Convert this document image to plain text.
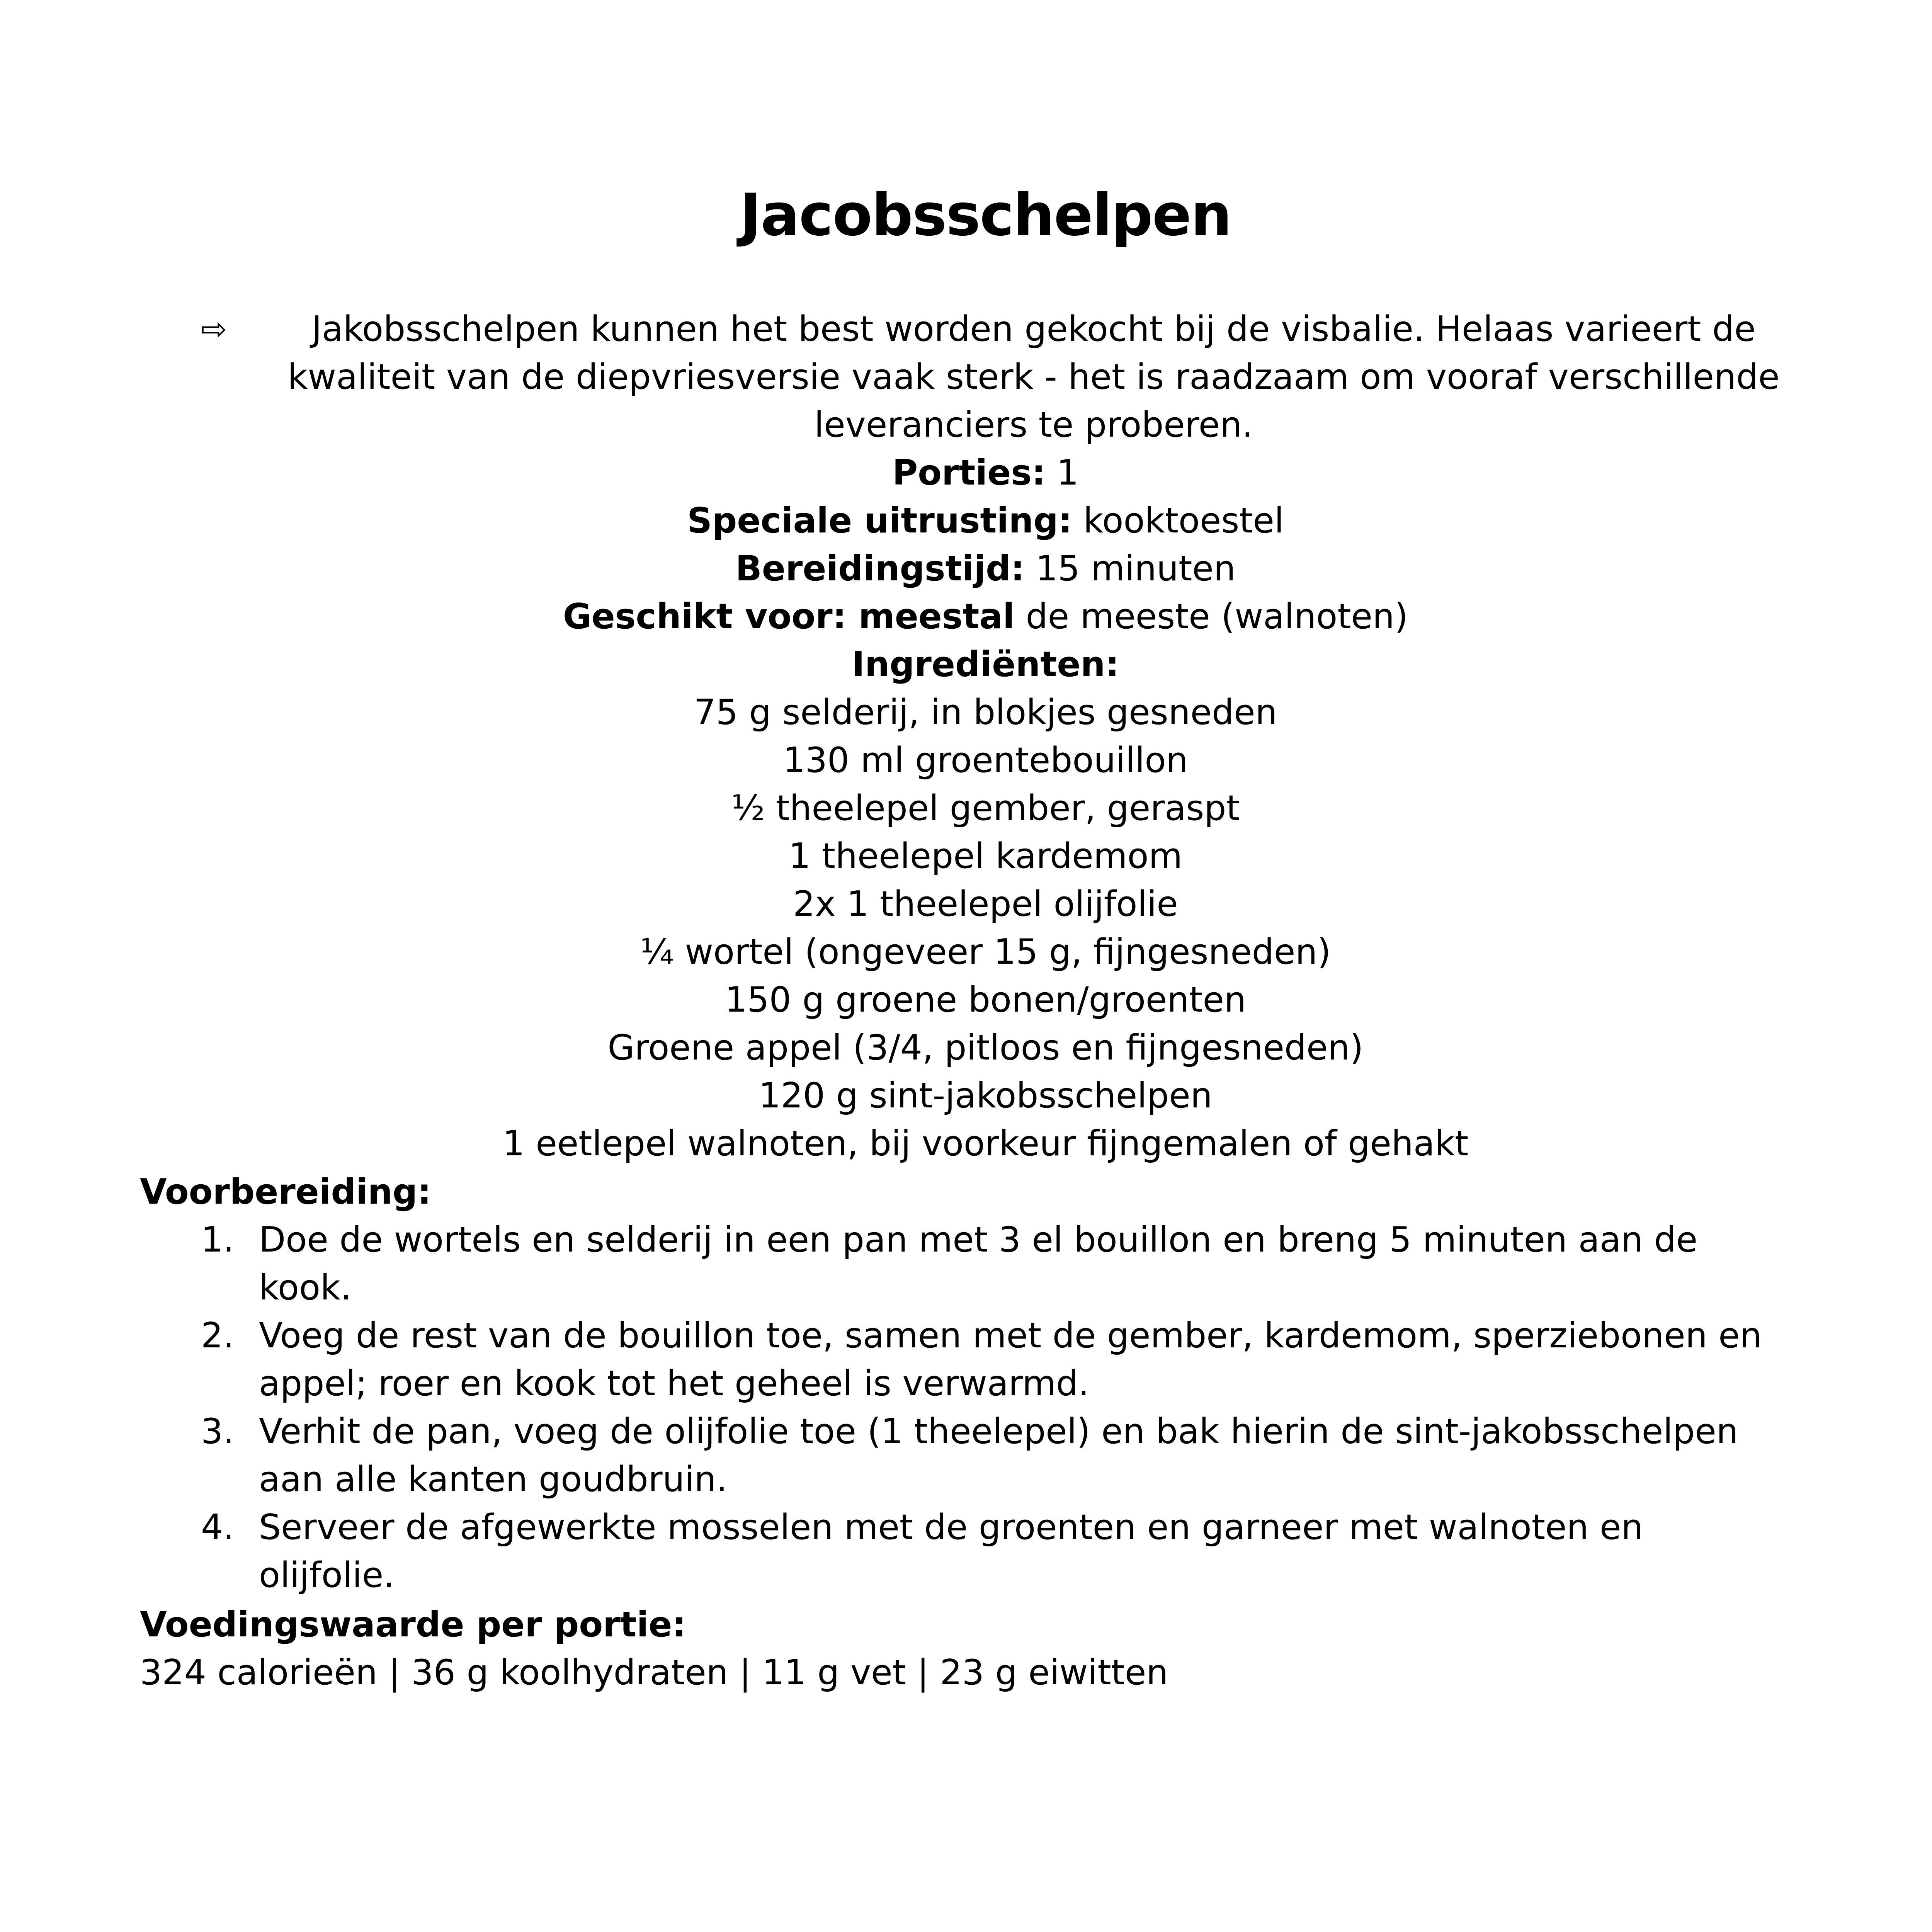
Jacobsschelpen
⇨	Jakobsschelpen kunnen het best worden gekocht bij de visbalie. Helaas varieert de kwaliteit van de diepvriesversie vaak sterk - het is raadzaam om vooraf verschillende leveranciers te proberen.
Porties: 1
Speciale uitrusting: kooktoestel
Bereidingstijd: 15 minuten
Geschikt voor: meestal de meeste (walnoten)
Ingrediënten:
75 g selderij, in blokjes gesneden
130 ml groentebouillon
½ theelepel gember, geraspt
1 theelepel kardemom
2x 1 theelepel olijfolie
¼ wortel (ongeveer 15 g, fijngesneden)
150 g groene bonen/groenten
Groene appel (3/4, pitloos en fijngesneden)
120 g sint-jakobsschelpen
1 eetlepel walnoten, bij voorkeur fijngemalen of gehakt
Voorbereiding:
1. Doe de wortels en selderij in een pan met 3 el bouillon en breng 5 minuten aan de kook.
2. Voeg de rest van de bouillon toe, samen met de gember, kardemom, sperziebonen en appel; roer en kook tot het geheel is verwarmd.
3. Verhit de pan, voeg de olijfolie toe (1 theelepel) en bak hierin de sint-jakobsschelpen aan alle kanten goudbruin.
4. Serveer de afgewerkte mosselen met de groenten en garneer met walnoten en olijfolie.
Voedingswaarde per portie:
324 calorieën | 36 g koolhydraten | 11 g vet | 23 g eiwitten
